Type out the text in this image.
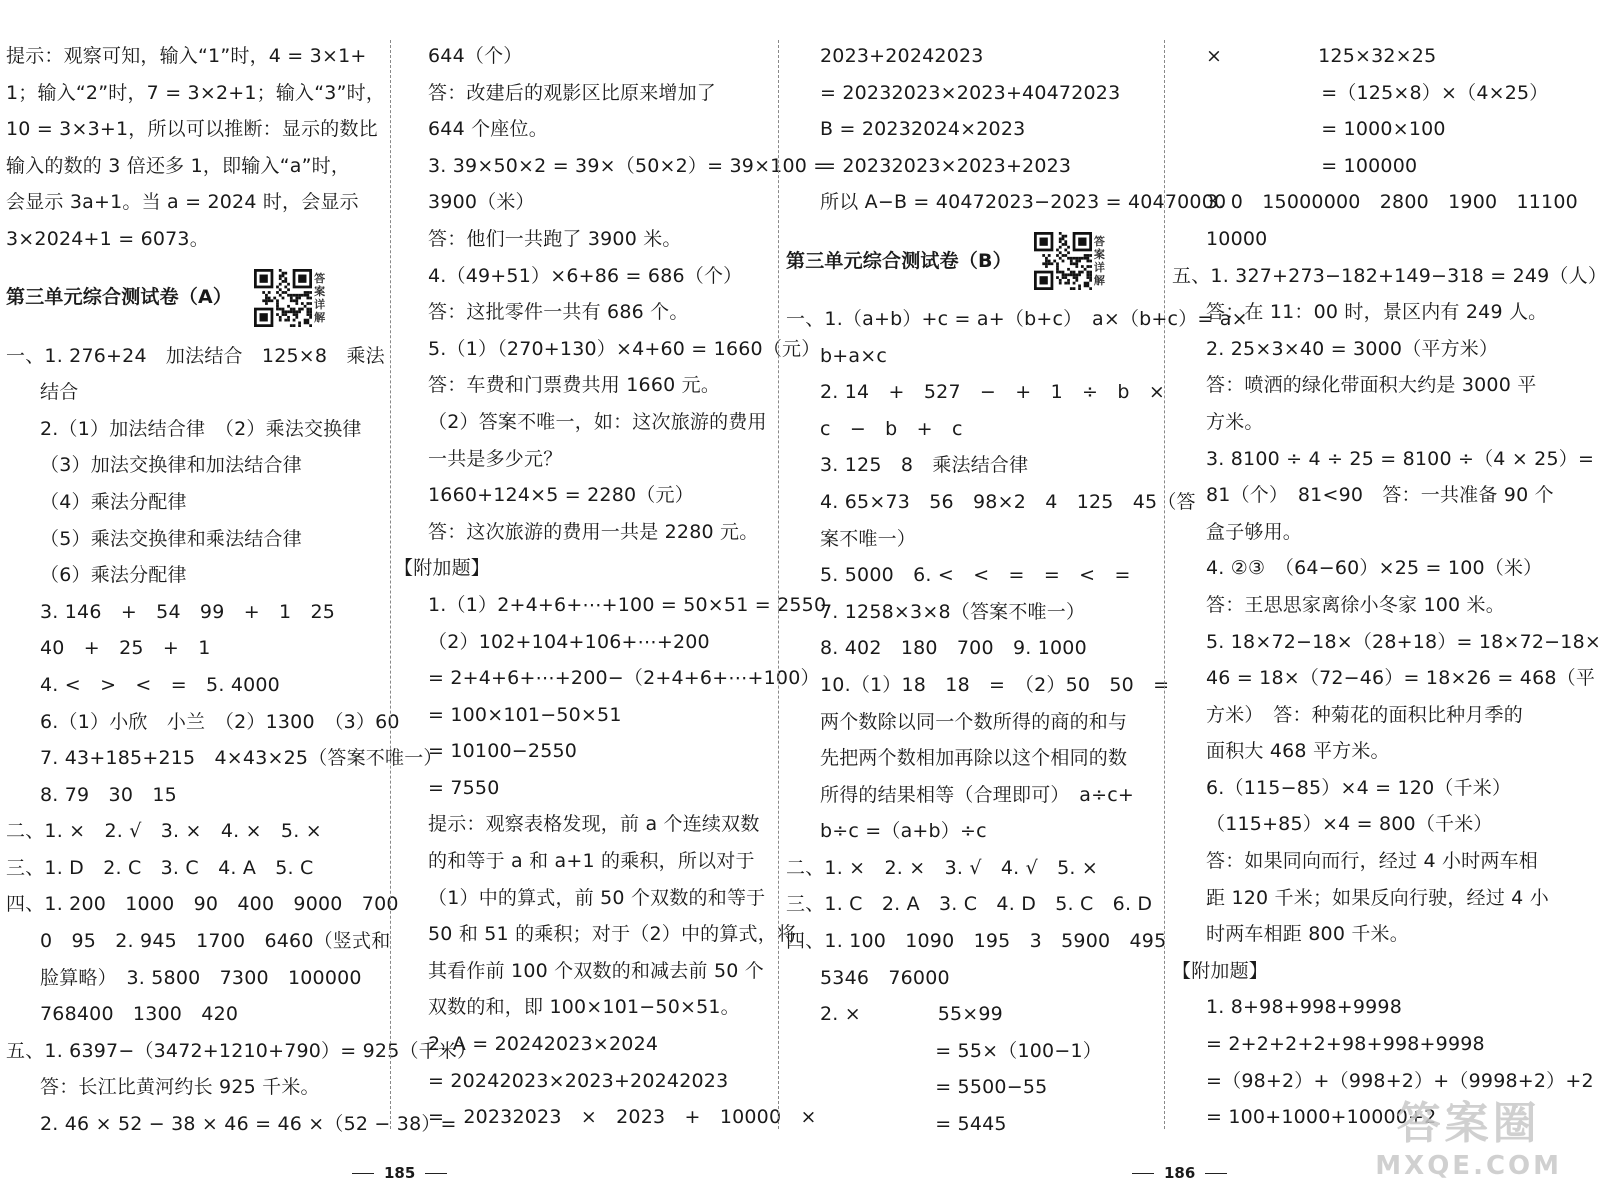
提示：观察可知，输入“1”时，4 = 3×1+
1；输入“2”时，7 = 3×2+1；输入“3”时，
10 = 3×3+1，所以可以推断：显示的数比
输入的数的 3 倍还多 1，即输入“a”时，
会显示 3a+1。当 a = 2024 时，会显示
3×2024+1 = 6073。
第三单元综合测试卷（A）
答案详解
一、1. 276+24　加法结合　125×8　乘法
结合
2.（1）加法结合律　（2）乘法交换律
（3）加法交换律和加法结合律
（4）乘法分配律
（5）乘法交换律和乘法结合律
（6）乘法分配律
3. 146　+　54　99　+　1　25
40　+　25　+　1
4. <　>　<　=　5. 4000
6.（1）小欣　小兰　（2）1300　（3）60
7. 43+185+215　4×43×25（答案不唯一）
8. 79　30　15
二、1. ×　2. √　3. ×　4. ×　5. ×
三、1. D　2. C　3. C　4. A　5. C
四、1. 200　1000　90　400　9000　700
0　95　2. 945　1700　6460（竖式和
脸算略）　3. 5800　7300　100000
768400　1300　420
五、1. 6397−（3472+1210+790）= 925（千米）
答：长江比黄河约长 925 千米。
2. 46 × 52 − 38 × 46 = 46 ×（52 − 38）=
644（个）
答：改建后的观影区比原来增加了
644 个座位。
3. 39×50×2 = 39×（50×2）= 39×100 =
3900（米）
答：他们一共跑了 3900 米。
4.（49+51）×6+86 = 686（个）
答：这批零件一共有 686 个。
5.（1）（270+130）×4+60 = 1660（元）
答：车费和门票费共用 1660 元。
（2）答案不唯一，如：这次旅游的费用
一共是多少元？
1660+124×5 = 2280（元）
答：这次旅游的费用一共是 2280 元。
【附加题】
1.（1）2+4+6+⋯+100 = 50×51 = 2550
（2）102+104+106+⋯+200
= 2+4+6+⋯+200−（2+4+6+⋯+100）
= 100×101−50×51
= 10100−2550
= 7550
提示：观察表格发现，前 a 个连续双数
的和等于 a 和 a+1 的乘积，所以对于
（1）中的算式，前 50 个双数的和等于
50 和 51 的乘积；对于（2）中的算式，将
其看作前 100 个双数的和减去前 50 个
双数的和，即 100×101−50×51。
2. A = 20242023×2024
= 20242023×2023+20242023
=　20232023　×　2023　+　10000　×
2023+20242023
= 20232023×2023+40472023
B = 20232024×2023
= 20232023×2023+2023
所以 A−B = 40472023−2023 = 40470000
第三单元综合测试卷（B）
答案详解
一、1.（a+b）+c = a+（b+c）　a×（b+c）= a×
b+a×c
2. 14　+　527　−　+　1　÷　b　×
c　−　b　+　c
3. 125　8　乘法结合律
4. 65×73　56　98×2　4　125　45（答
案不唯一）
5. 5000　6. <　<　=　=　<　=
7. 1258×3×8（答案不唯一）
8. 402　180　700　9. 1000
10.（1）18　18　=　（2）50　50　=
两个数除以同一个数所得的商的和与
先把两个数相加再除以这个相同的数
所得的结果相等（合理即可）　a÷c+
b÷c =（a+b）÷c
二、1. ×　2. ×　3. √　4. √　5. ×
三、1. C　2. A　3. C　4. D　5. C　6. D
四、1. 100　1090　195　3　5900　495
5346　76000
2. ×　　　　55×99
　　　　　　= 55×（100−1）
　　　　　　= 5500−55
　　　　　　= 5445
×　　　　　125×32×25
　　　　　　=（125×8）×（4×25）
　　　　　　= 1000×100
　　　　　　= 100000
3. 0　15000000　2800　1900　11100
10000
五、1. 327+273−182+149−318 = 249（人）
答：在 11：00 时，景区内有 249 人。
2. 25×3×40 = 3000（平方米）
答：喷洒的绿化带面积大约是 3000 平
方米。
3. 8100 ÷ 4 ÷ 25 = 8100 ÷（4 × 25）=
81（个）　81<90　答：一共准备 90 个
盒子够用。
4. ②③　（64−60）×25 = 100（米）
答：王思思家离徐小冬家 100 米。
5. 18×72−18×（28+18）= 18×72−18×
46 = 18×（72−46）= 18×26 = 468（平
方米）　答：种菊花的面积比种月季的
面积大 468 平方米。
6.（115−85）×4 = 120（千米）
（115+85）×4 = 800（千米）
答：如果同向而行，经过 4 小时两车相
距 120 千米；如果反向行驶，经过 4 小
时两车相距 800 千米。
【附加题】
1. 8+98+998+9998
= 2+2+2+2+98+998+9998
=（98+2）+（998+2）+（9998+2）+2
= 100+1000+10000+2
185	186
答案圈
MXQE.COM
